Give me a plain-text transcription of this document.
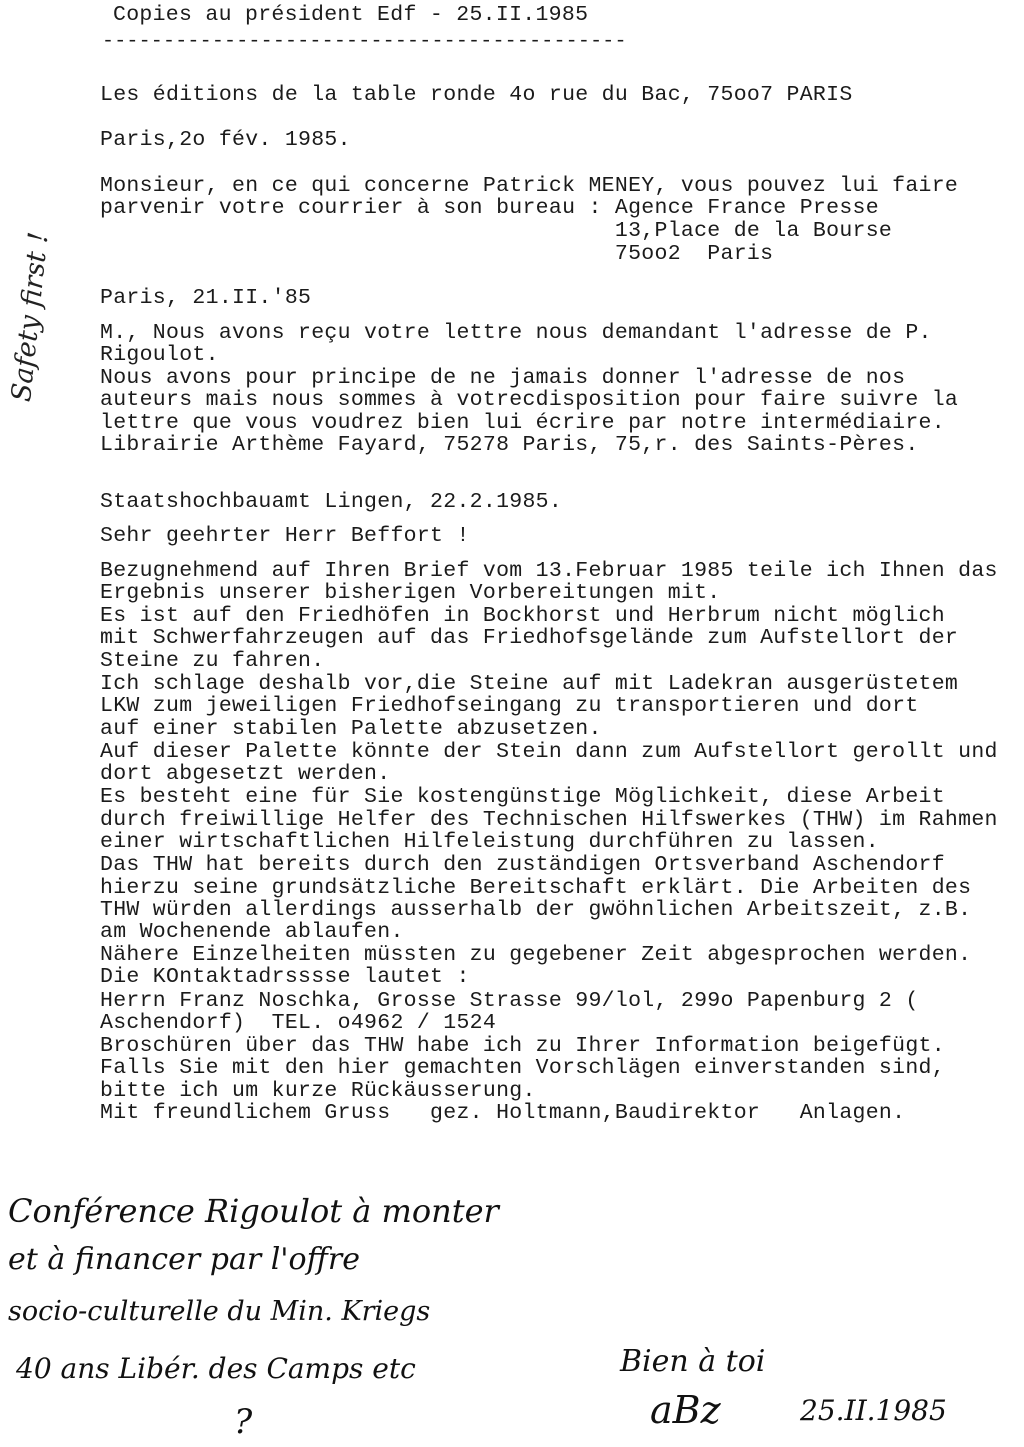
Copies au président Edf - 25.II.1985
-------------------------------------------
Les éditions de la table ronde 4o rue du Bac, 75oo7 PARIS
Paris,2o fév. 1985.
Monsieur, en ce qui concerne Patrick MENEY, vous pouvez lui faire
parvenir votre courrier à son bureau : Agence France Presse
13,Place de la Bourse
75oo2  Paris
Paris, 21.II.'85
M., Nous avons reçu votre lettre nous demandant l'adresse de P.
Rigoulot.
Nous avons pour principe de ne jamais donner l'adresse de nos
auteurs mais nous sommes à votrecdisposition pour faire suivre la
lettre que vous voudrez bien lui écrire par notre intermédiaire.
Librairie Arthème Fayard, 75278 Paris, 75,r. des Saints-Pères.
Staatshochbauamt Lingen, 22.2.1985.
Sehr geehrter Herr Beffort !
Bezugnehmend auf Ihren Brief vom 13.Februar 1985 teile ich Ihnen das
Ergebnis unserer bisherigen Vorbereitungen mit.
Es ist auf den Friedhöfen in Bockhorst und Herbrum nicht möglich
mit Schwerfahrzeugen auf das Friedhofsgelände zum Aufstellort der
Steine zu fahren.
Ich schlage deshalb vor,die Steine auf mit Ladekran ausgerüstetem
LKW zum jeweiligen Friedhofseingang zu transportieren und dort
auf einer stabilen Palette abzusetzen.
Auf dieser Palette könnte der Stein dann zum Aufstellort gerollt und
dort abgesetzt werden.
Es besteht eine für Sie kostengünstige Möglichkeit, diese Arbeit
durch freiwillige Helfer des Technischen Hilfswerkes (THW) im Rahmen
einer wirtschaftlichen Hilfeleistung durchführen zu lassen.
Das THW hat bereits durch den zuständigen Ortsverband Aschendorf
hierzu seine grundsätzliche Bereitschaft erklärt. Die Arbeiten des
THW würden allerdings ausserhalb der gwöhnlichen Arbeitszeit, z.B.
am Wochenende ablaufen.
Nähere Einzelheiten müssten zu gegebener Zeit abgesprochen werden.
Die KOntaktadrsssse lautet :
Herrn Franz Noschka, Grosse Strasse 99/lol, 299o Papenburg 2 (
Aschendorf)  TEL. o4962 / 1524
Broschüren über das THW habe ich zu Ihrer Information beigefügt.
Falls Sie mit den hier gemachten Vorschlägen einverstanden sind,
bitte ich um kurze Rückäusserung.
Mit freundlichem Gruss   gez. Holtmann,Baudirektor   Anlagen.
Safety first !
Conférence Rigoulot à monter
et à financer par l'offre
socio-culturelle du Min. Kriegs
40 ans Libér. des Camps etc
?
Bien à toi
aBz	25.II.1985
